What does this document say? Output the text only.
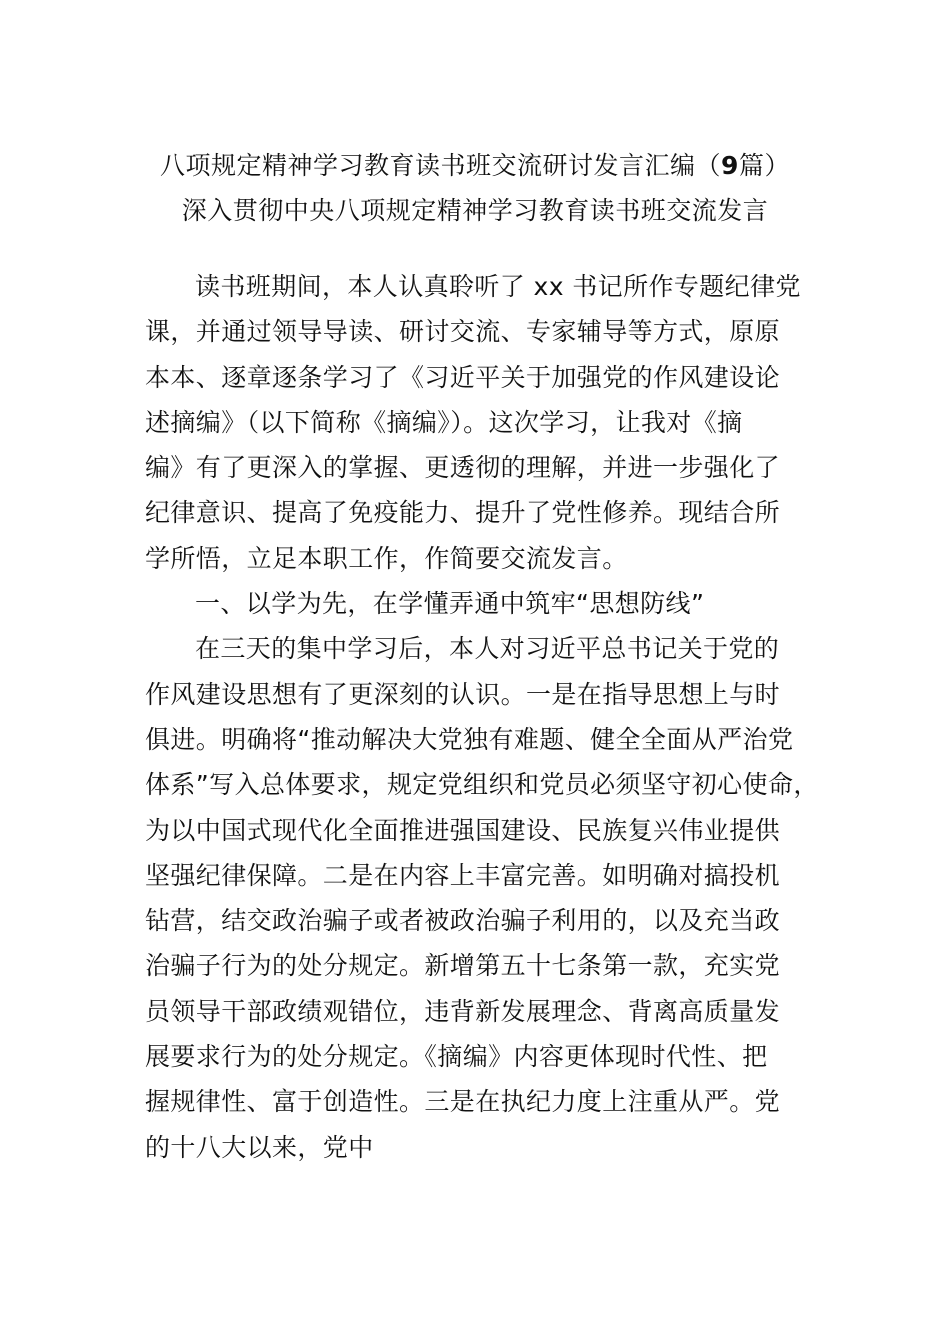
八项规定精神学习教育读书班交流研讨发言汇编（9篇）
深入贯彻中央八项规定精神学习教育读书班交流发言
读书班期间，本人认真聆听了 xx 书记所作专题纪律党
课，并通过领导导读、研讨交流、专家辅导等方式，原原
本本、逐章逐条学习了《习近平关于加强党的作风建设论
述摘编》（以下简称《摘编》）。这次学习，让我对《摘
编》有了更深入的掌握、更透彻的理解，并进一步强化了
纪律意识、提高了免疫能力、提升了党性修养。现结合所
学所悟，立足本职工作，作简要交流发言。
一、以学为先，在学懂弄通中筑牢“思想防线”
在三天的集中学习后，本人对习近平总书记关于党的
作风建设思想有了更深刻的认识。一是在指导思想上与时
俱进。明确将“推动解决大党独有难题、健全全面从严治党
体系”写入总体要求，规定党组织和党员必须坚守初心使命，
为以中国式现代化全面推进强国建设、民族复兴伟业提供
坚强纪律保障。二是在内容上丰富完善。如明确对搞投机
钻营，结交政治骗子或者被政治骗子利用的，以及充当政
治骗子行为的处分规定。新增第五十七条第一款，充实党
员领导干部政绩观错位，违背新发展理念、背离高质量发
展要求行为的处分规定。《摘编》内容更体现时代性、把
握规律性、富于创造性。三是在执纪力度上注重从严。党
的十八大以来，党中
